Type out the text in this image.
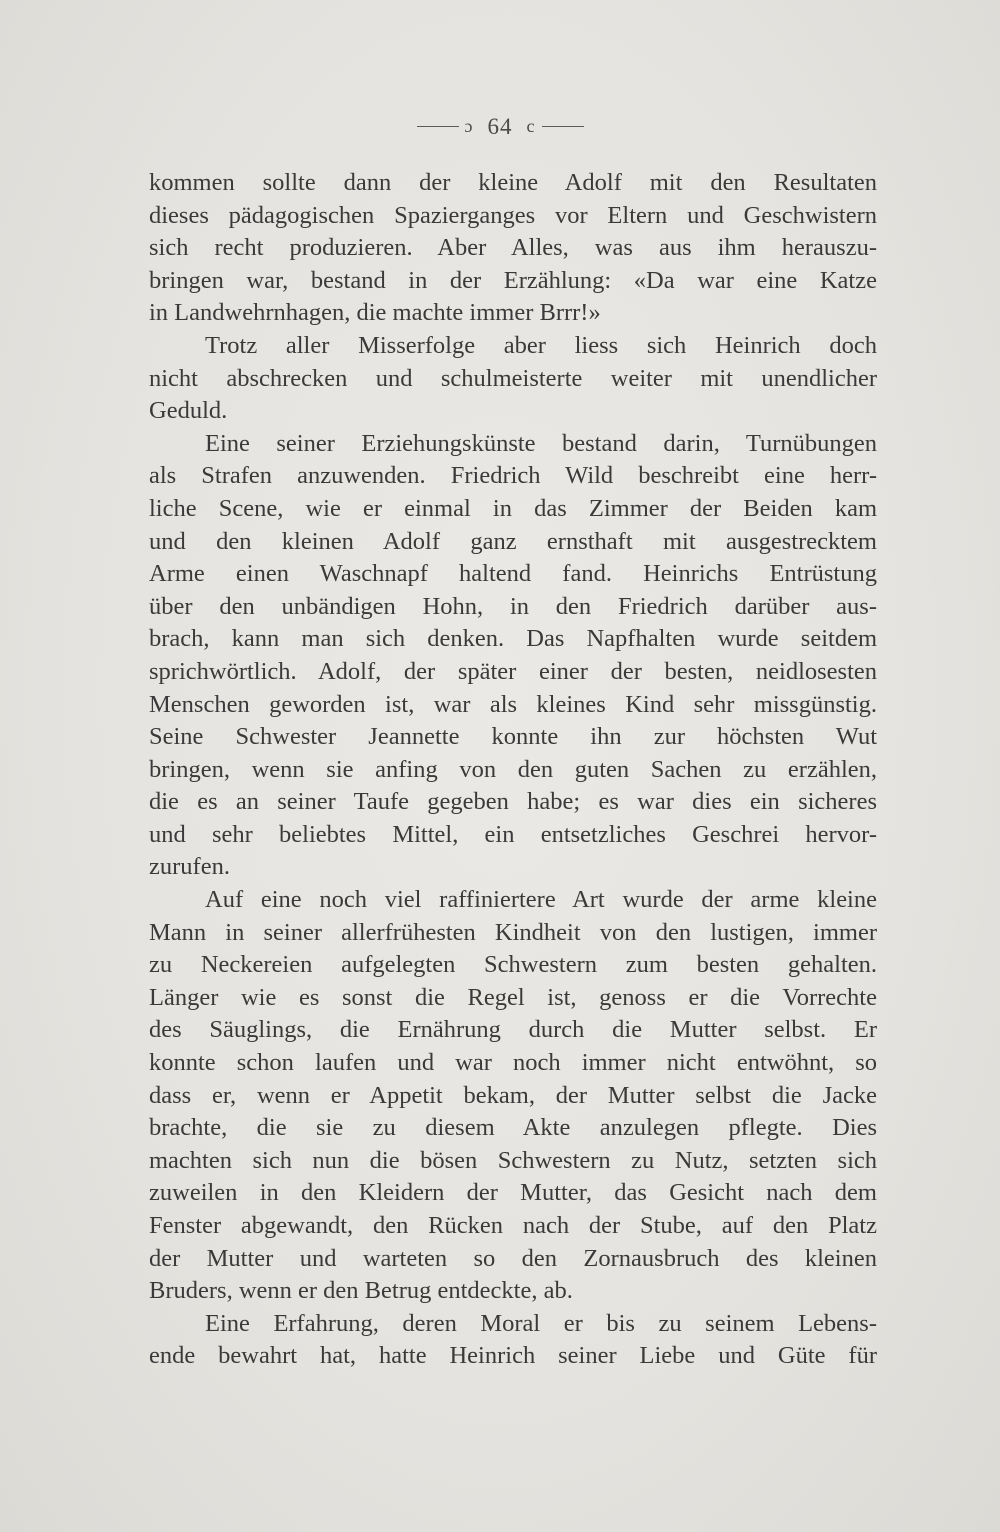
ɔ 64 c
kommen sollte dann der kleine Adolf mit den Resultaten
dieses pädagogischen Spazierganges vor Eltern und Geschwistern
sich recht produzieren. Aber Alles, was aus ihm herauszu-
bringen war, bestand in der Erzählung: «Da war eine Katze
in Landwehrnhagen, die machte immer Brrr!»
Trotz aller Misserfolge aber liess sich Heinrich doch
nicht abschrecken und schulmeisterte weiter mit unendlicher
Geduld.
Eine seiner Erziehungskünste bestand darin, Turnübungen
als Strafen anzuwenden. Friedrich Wild beschreibt eine herr-
liche Scene, wie er einmal in das Zimmer der Beiden kam
und den kleinen Adolf ganz ernsthaft mit ausgestrecktem
Arme einen Waschnapf haltend fand. Heinrichs Entrüstung
über den unbändigen Hohn, in den Friedrich darüber aus-
brach, kann man sich denken. Das Napfhalten wurde seitdem
sprichwörtlich. Adolf, der später einer der besten, neidlosesten
Menschen geworden ist, war als kleines Kind sehr missgünstig.
Seine Schwester Jeannette konnte ihn zur höchsten Wut
bringen, wenn sie anfing von den guten Sachen zu erzählen,
die es an seiner Taufe gegeben habe; es war dies ein sicheres
und sehr beliebtes Mittel, ein entsetzliches Geschrei hervor-
zurufen.
Auf eine noch viel raffiniertere Art wurde der arme kleine
Mann in seiner allerfrühesten Kindheit von den lustigen, immer
zu Neckereien aufgelegten Schwestern zum besten gehalten.
Länger wie es sonst die Regel ist, genoss er die Vorrechte
des Säuglings, die Ernährung durch die Mutter selbst. Er
konnte schon laufen und war noch immer nicht entwöhnt, so
dass er, wenn er Appetit bekam, der Mutter selbst die Jacke
brachte, die sie zu diesem Akte anzulegen pflegte. Dies
machten sich nun die bösen Schwestern zu Nutz, setzten sich
zuweilen in den Kleidern der Mutter, das Gesicht nach dem
Fenster abgewandt, den Rücken nach der Stube, auf den Platz
der Mutter und warteten so den Zornausbruch des kleinen
Bruders, wenn er den Betrug entdeckte, ab.
Eine Erfahrung, deren Moral er bis zu seinem Lebens-
ende bewahrt hat, hatte Heinrich seiner Liebe und Güte für
